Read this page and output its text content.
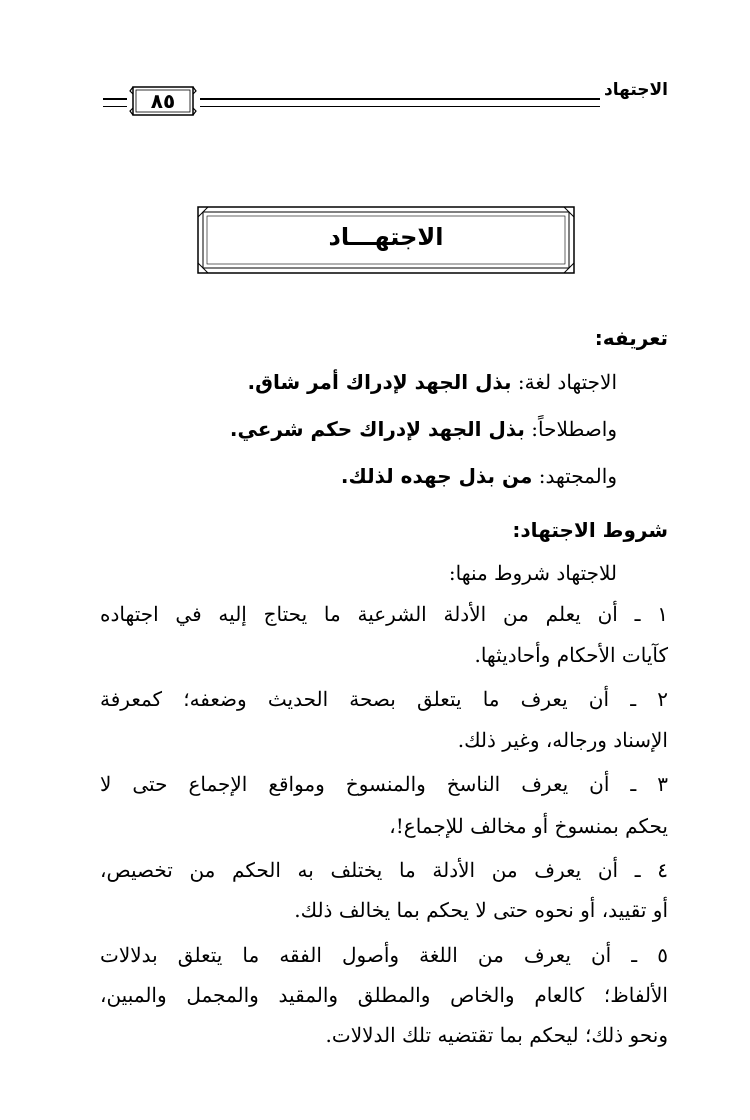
الاجتهاد
٨٥
الاجتهـــاد
تعريفه:
الاجتهاد لغة: بذل الجهد لإدراك أمر شاق.
واصطلاحاً: بذل الجهد لإدراك حكم شرعي.
والمجتهد: من بذل جهده لذلك.
شروط الاجتهاد:
للاجتهاد شروط منها:
١ ـ أن يعلم من الأدلة الشرعية ما يحتاج إليه في اجتهاده
كآيات الأحكام وأحاديثها.
٢ ـ أن يعرف ما يتعلق بصحة الحديث وضعفه؛ كمعرفة
الإسناد ورجاله، وغير ذلك.
٣ ـ أن يعرف الناسخ والمنسوخ ومواقع الإجماع حتى لا
يحكم بمنسوخ أو مخالف للإجماع!،
٤ ـ أن يعرف من الأدلة ما يختلف به الحكم من تخصيص،
أو تقييد، أو نحوه حتى لا يحكم بما يخالف ذلك.
٥ ـ أن يعرف من اللغة وأصول الفقه ما يتعلق بدلالات
الألفاظ؛ كالعام والخاص والمطلق والمقيد والمجمل والمبين،
ونحو ذلك؛ ليحكم بما تقتضيه تلك الدلالات.
